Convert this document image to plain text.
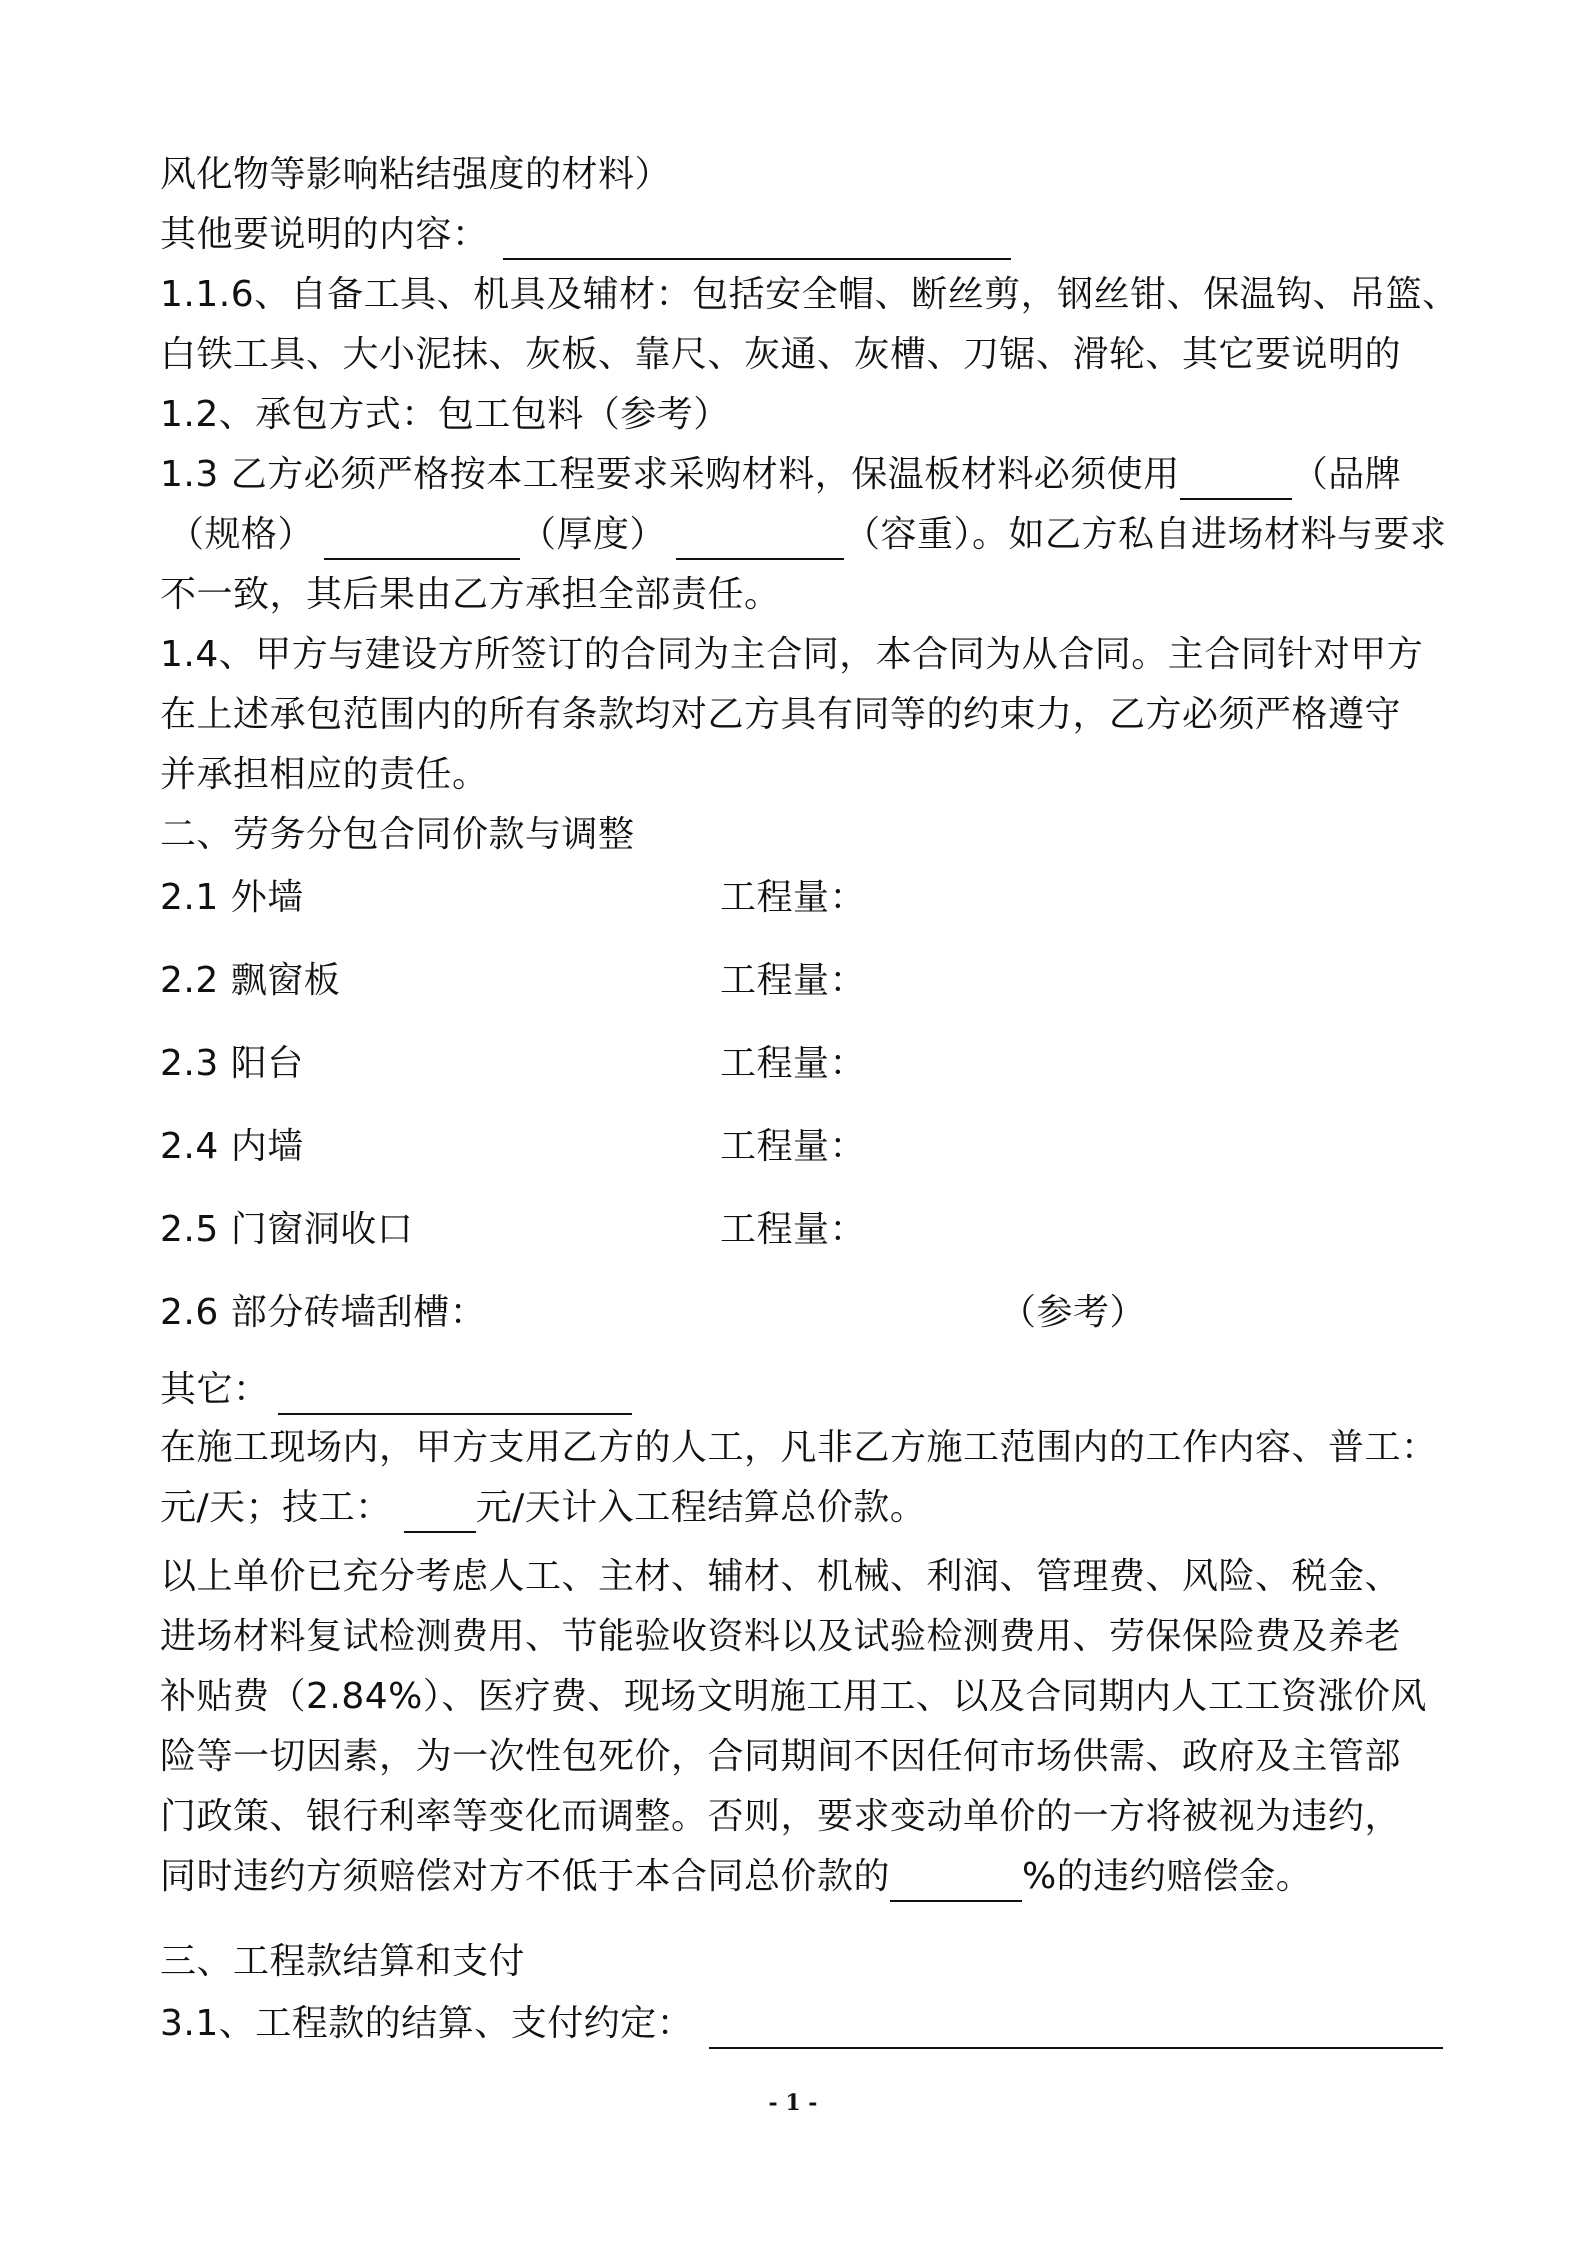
风化物等影响粘结强度的材料）
其他要说明的内容：
1.1.6、自备工具、机具及辅材：包括安全帽、断丝剪，钢丝钳、保温钩、吊篮、
白铁工具、大小泥抹、灰板、靠尺、灰通、灰槽、刀锯、滑轮、其它要说明的
1.2、承包方式：包工包料（参考）
1.3 乙方必须严格按本工程要求采购材料，保温板材料必须使用	（品牌
（规格）	（厚度）	（容重）。如乙方私自进场材料与要求
不一致，其后果由乙方承担全部责任。
1.4、甲方与建设方所签订的合同为主合同，本合同为从合同。主合同针对甲方
在上述承包范围内的所有条款均对乙方具有同等的约束力，乙方必须严格遵守
并承担相应的责任。
二、劳务分包合同价款与调整
2.1 外墙	工程量：
2.2 飘窗板	工程量：
2.3 阳台	工程量：
2.4 内墙	工程量：
2.5 门窗洞收口	工程量：
2.6 部分砖墙刮槽：	（参考）
其它：
在施工现场内，甲方支用乙方的人工，凡非乙方施工范围内的工作内容、普工：
元/天；技工： 元/天计入工程结算总价款。
以上单价已充分考虑人工、主材、辅材、机械、利润、管理费、风险、税金、
进场材料复试检测费用、节能验收资料以及试验检测费用、劳保保险费及养老
补贴费（2.84%）、医疗费、现场文明施工用工、以及合同期内人工工资涨价风
险等一切因素，为一次性包死价，合同期间不因任何市场供需、政府及主管部
门政策、银行利率等变化而调整。否则，要求变动单价的一方将被视为违约，
同时违约方须赔偿对方不低于本合同总价款的	%的违约赔偿金。
三、工程款结算和支付
3.1、工程款的结算、支付约定：
- 1 -
